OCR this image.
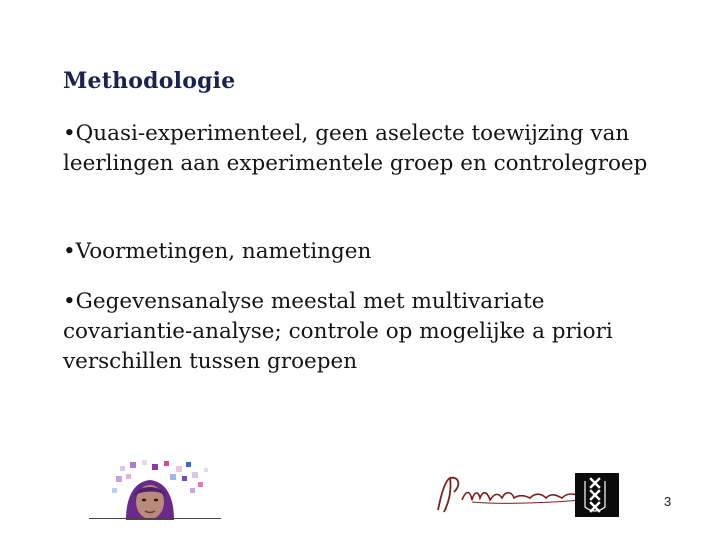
Methodologie
•Quasi-experimenteel, geen aselecte toewijzing van leerlingen aan experimentele groep en controlegroep
•Voormetingen, nametingen
•Gegevensanalyse meestal met multivariate covariantie-analyse; controle op mogelijke a priori verschillen tussen groepen
3
